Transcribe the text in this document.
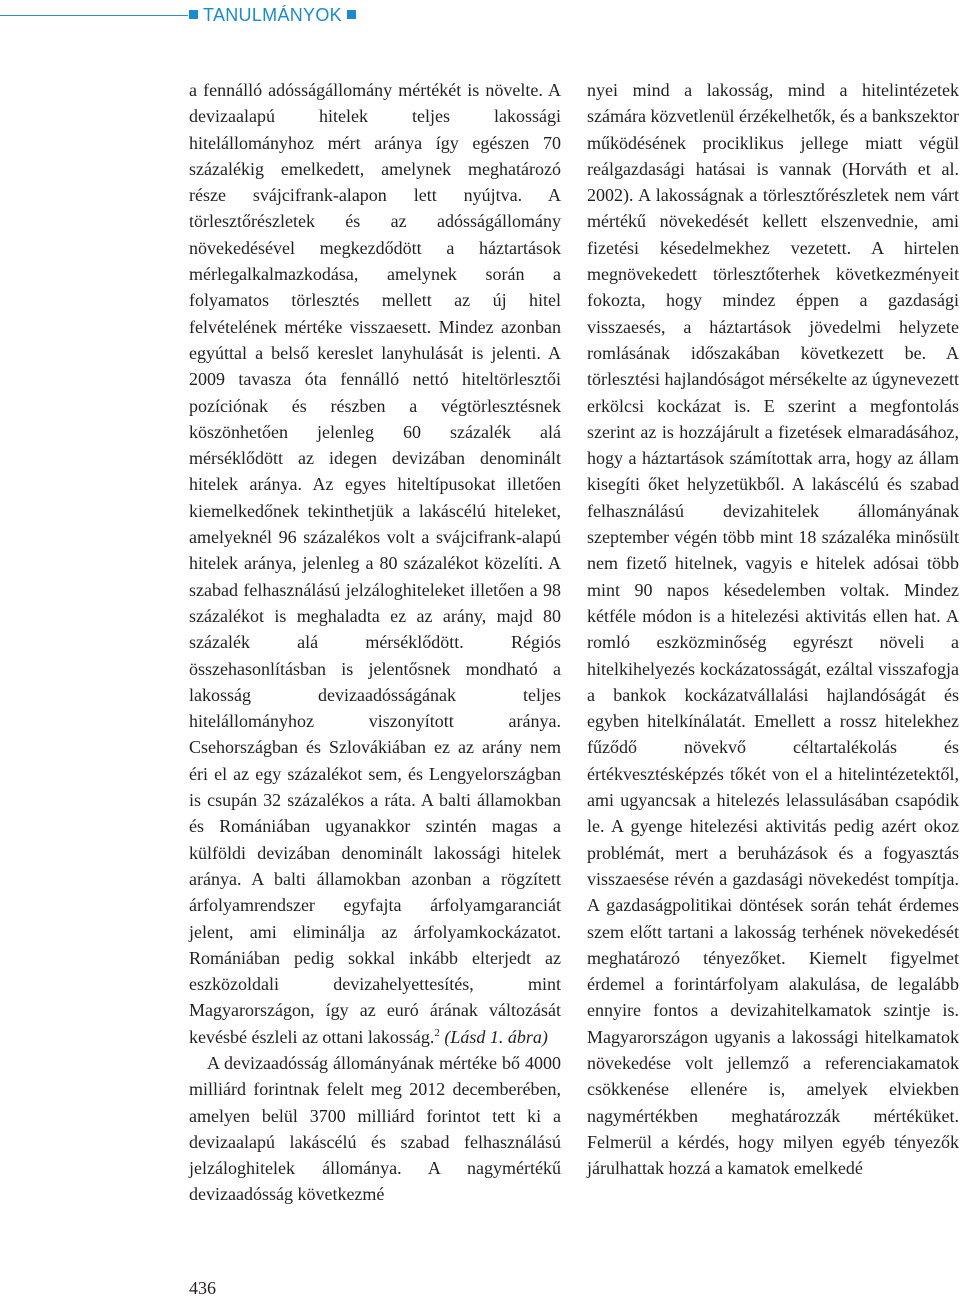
TANULMÁNYOK

a fennálló adósságállomány mértékét is növelte. A devizaalapú hitelek teljes lakossági hitelállományhoz mért aránya így egészen 70 százalékig emelkedett, amelynek meghatározó része svájcifrank-alapon lett nyújtva. A törlesztőrészletek és az adósságállomány növekedésével megkezdődött a háztartások mérlegalkalmazkodása, amelynek során a folyamatos törlesztés mellett az új hitel felvételének mértéke visszaesett. Mindez azonban egyúttal a belső kereslet lanyhulását is jelenti. A 2009 tavasza óta fennálló nettó hiteltörlesztői pozíciónak és részben a végtörlesztésnek köszönhetően jelenleg 60 százalék alá mérséklődött az idegen devizában denominált hitelek aránya. Az egyes hiteltípusokat illetően kiemelkedőnek tekinthetjük a lakáscélú hiteleket, amelyeknél 96 százalékos volt a svájcifrank-alapú hitelek aránya, jelenleg a 80 százalékot közelíti. A szabad felhasználású jelzáloghiteleket illetően a 98 százalékot is meghaladta ez az arány, majd 80 százalék alá mérséklődött. Régiós összehasonlításban is jelentősnek mondható a lakosság devizaadósságának teljes hitelállományhoz viszonyított aránya. Csehországban és Szlovákiában ez az arány nem éri el az egy százalékot sem, és Lengyelországban is csupán 32 százalékos a ráta. A balti államokban és Romániában ugyanakkor szintén magas a külföldi devizában denominált lakossági hitelek aránya. A balti államokban azonban a rögzített árfolyamrendszer egyfajta árfolyamgaranciát jelent, ami eliminálja az árfolyamkockázatot. Romániában pedig sokkal inkább elterjedt az eszközoldali devizahelyettesítés, mint Magyarországon, így az euró árának változását kevésbé észleli az ottani lakosság.$^2$ (Lásd 1. ábra)

A devizaadósság állományának mértéke bő 4000 milliárd forintnak felelt meg 2012 decemberében, amelyen belül 3700 milliárd forintot tett ki a devizaalapú lakáscélú és szabad felhasználású jelzáloghitelek állománya. A nagymértékű devizaadósság következmé

nyei mind a lakosság, mind a hitelintézetek számára közvetlenül érzékelhetők, és a bankszektor működésének prociklikus jellege miatt végül reálgazdasági hatásai is vannak (Horváth et al. 2002). A lakosságnak a törlesztőrészletek nem várt mértékű növekedését kellett elszenvednie, ami fizetési késedelmekhez vezetett. A hirtelen megnövekedett törlesztőterhek következményeit fokozta, hogy mindez éppen a gazdasági visszaesés, a háztartások jövedelmi helyzete romlásának időszakában következett be. A törlesztési hajlandóságot mérsékelte az úgynevezett erkölcsi kockázat is. E szerint a megfontolás szerint az is hozzájárult a fizetések elmaradásához, hogy a háztartások számítottak arra, hogy az állam kisegíti őket helyzetükből. A lakáscélú és szabad felhasználású devizahitelek állományának szeptember végén több mint 18 százaléka minősült nem fizető hitelnek, vagyis e hitelek adósai több mint 90 napos késedelemben voltak. Mindez kétféle módon is a hitelezési aktivitás ellen hat. A romló eszközminőség egyrészt növeli a hitelkihelyezés kockázatosságát, ezáltal visszafogja a bankok kockázatvállalási hajlandóságát és egyben hitelkínálatát. Emellett a rossz hitelekhez fűződő növekvő céltartalékolás és értékvesztésképzés tőkét von el a hitelintézetektől, ami ugyancsak a hitelezés lelassulásában csapódik le. A gyenge hitelezési aktivitás pedig azért okoz problémát, mert a beruházások és a fogyasztás visszaesése révén a gazdasági növekedést tompítja. A gazdaságpolitikai döntések során tehát érdemes szem előtt tartani a lakosság terhének növekedését meghatározó tényezőket. Kiemelt figyelmet érdemel a forintárfolyam alakulása, de legalább ennyire fontos a devizahitelkamatok szintje is. Magyarországon ugyanis a lakossági hitelkamatok növekedése volt jellemző a referenciakamatok csökkenése ellenére is, amelyek elviekben nagymértékben meghatározzák mértéküket. Felmerül a kérdés, hogy milyen egyéb tényezők járulhattak hozzá a kamatok emelkedé

436
